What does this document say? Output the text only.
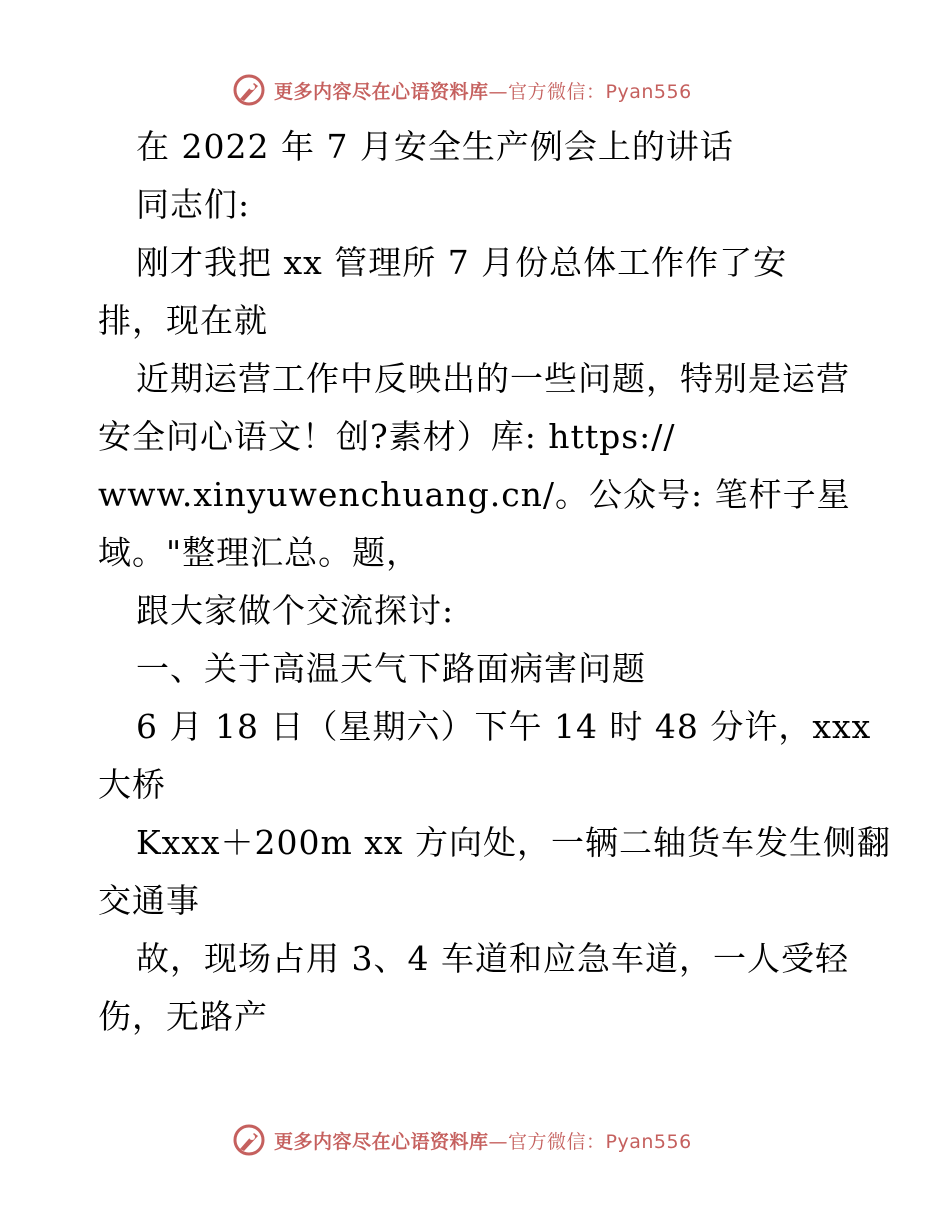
更多内容尽在心语资料库—官方微信：Pyan556
在 2022 年 7 月安全生产例会上的讲话
同志们:
刚才我把 xx 管理所 7 月份总体工作作了安
排，现在就
近期运营工作中反映出的一些问题，特别是运营
安全问心语文！创?素材）库: https://
www.xinyuwenchuang.cn/。公众号: 笔杆子星
域。"整理汇总。题，
跟大家做个交流探讨:
一、关于高温天气下路面病害问题
6 月 18 日（星期六）下午 14 时 48 分许，xxx
大桥
Kxxx＋200m xx 方向处，一辆二轴货车发生侧翻
交通事
故，现场占用 3、4 车道和应急车道，一人受轻
伤，无路产
更多内容尽在心语资料库—官方微信：Pyan556
